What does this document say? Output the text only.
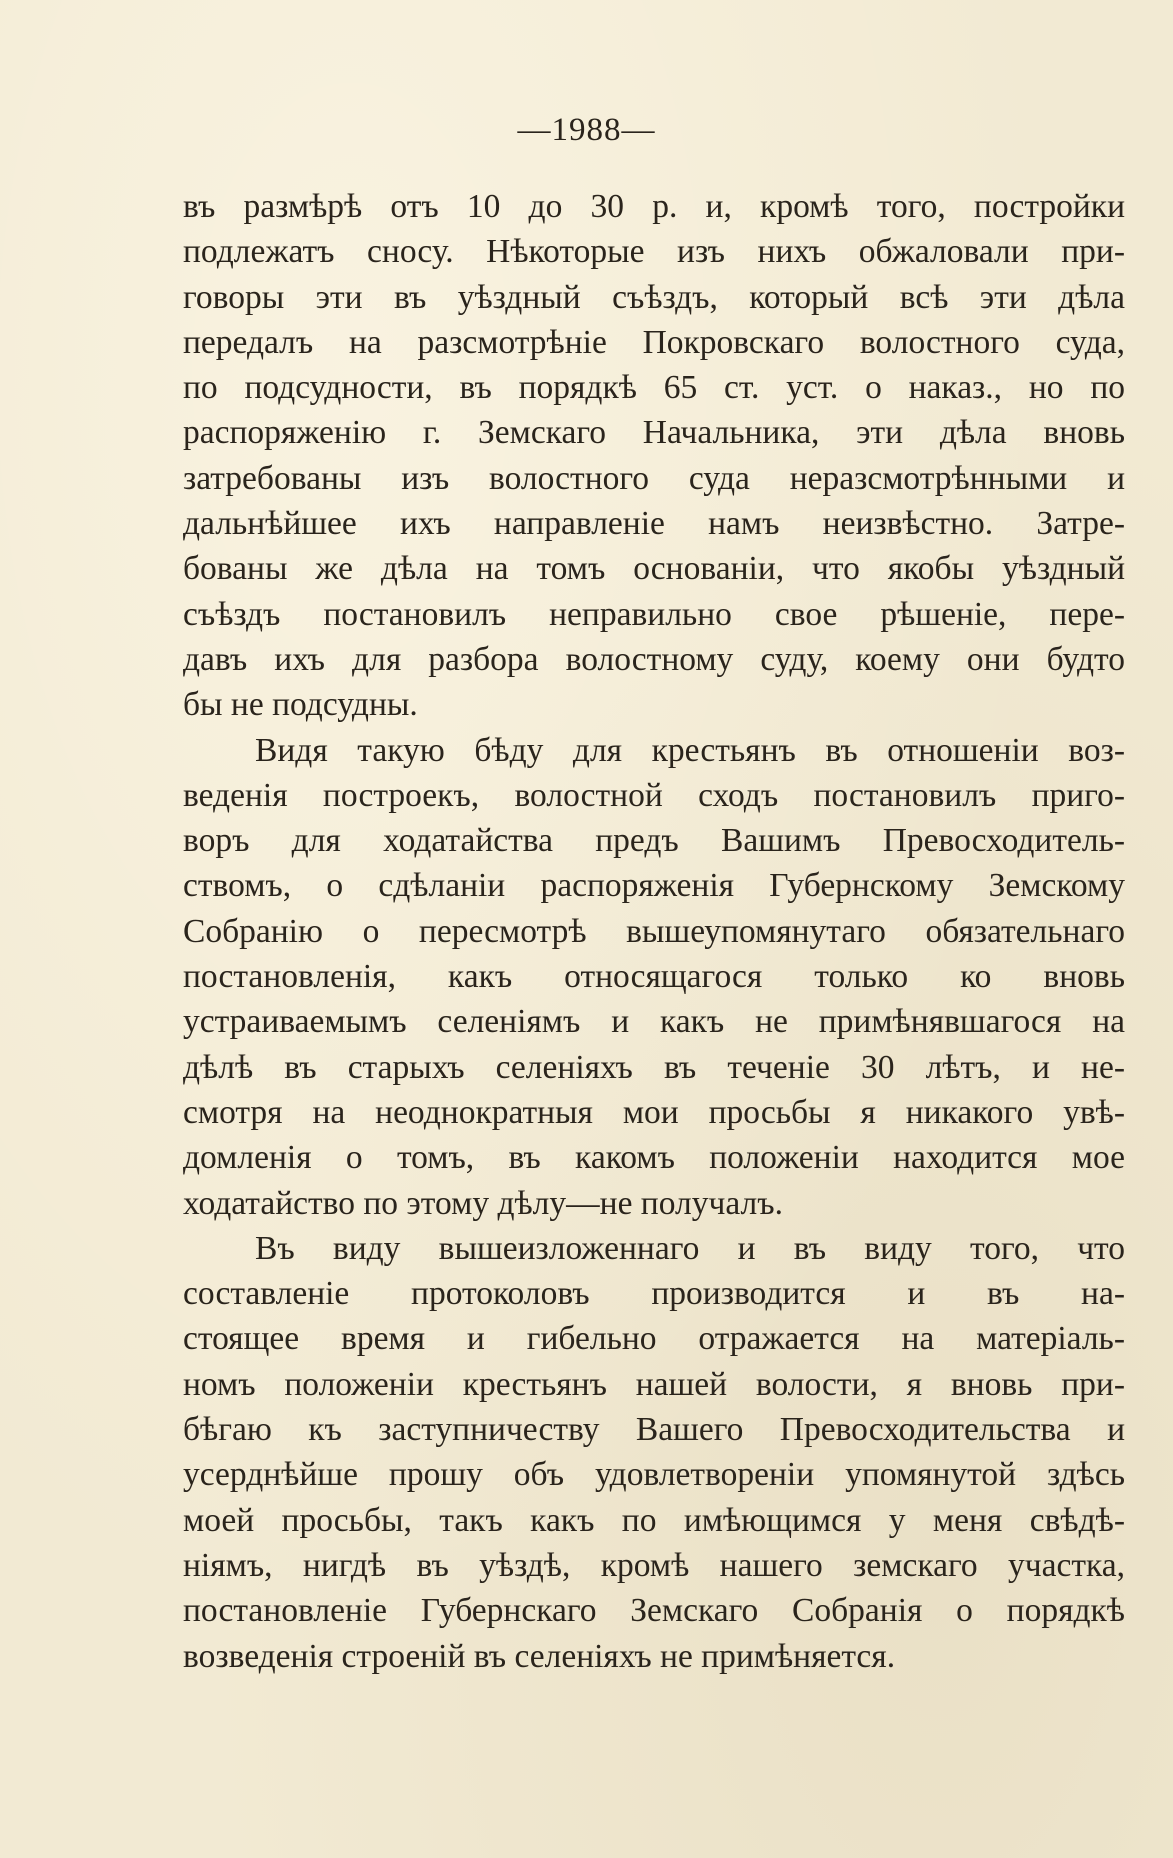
—1988—
въ размѣрѣ отъ 10 до 30 р. и, кромѣ того, постройки
подлежатъ сносу. Нѣкоторые изъ нихъ обжаловали при-
говоры эти въ уѣздный съѣздъ, который всѣ эти дѣла
передалъ на разсмотрѣніе Покровскаго волостного суда,
по подсудности, въ порядкѣ 65 ст. уст. о наказ., но по
распоряженію г. Земскаго Начальника, эти дѣла вновь
затребованы изъ волостного суда неразсмотрѣнными и
дальнѣйшее ихъ направленіе намъ неизвѣстно. Затре-
бованы же дѣла на томъ основаніи, что якобы уѣздный
съѣздъ постановилъ неправильно свое рѣшеніе, пере-
давъ ихъ для разбора волостному суду, коему они будто
бы не подсудны.
Видя такую бѣду для крестьянъ въ отношеніи воз-
веденія построекъ, волостной сходъ постановилъ приго-
воръ для ходатайства предъ Вашимъ Превосходитель-
ствомъ, о сдѣланіи распоряженія Губернскому Земскому
Собранію о пересмотрѣ вышеупомянутаго обязательнаго
постановленія, какъ относящагося только ко вновь
устраиваемымъ селеніямъ и какъ не примѣнявшагося на
дѣлѣ въ старыхъ селеніяхъ въ теченіе 30 лѣтъ, и не-
смотря на неоднократныя мои просьбы я никакого увѣ-
домленія о томъ, въ какомъ положеніи находится мое
ходатайство по этому дѣлу—не получалъ.
Въ виду вышеизложеннаго и въ виду того, что
составленіе протоколовъ производится и въ на-
стоящее время и гибельно отражается на матеріаль-
номъ положеніи крестьянъ нашей волости, я вновь при-
бѣгаю къ заступничеству Вашего Превосходительства и
усерднѣйше прошу объ удовлетвореніи упомянутой здѣсь
моей просьбы, такъ какъ по имѣющимся у меня свѣдѣ-
ніямъ, нигдѣ въ уѣздѣ, кромѣ нашего земскаго участка,
постановленіе Губернскаго Земскаго Собранія о порядкѣ
возведенія строеній въ селеніяхъ не примѣняется.
